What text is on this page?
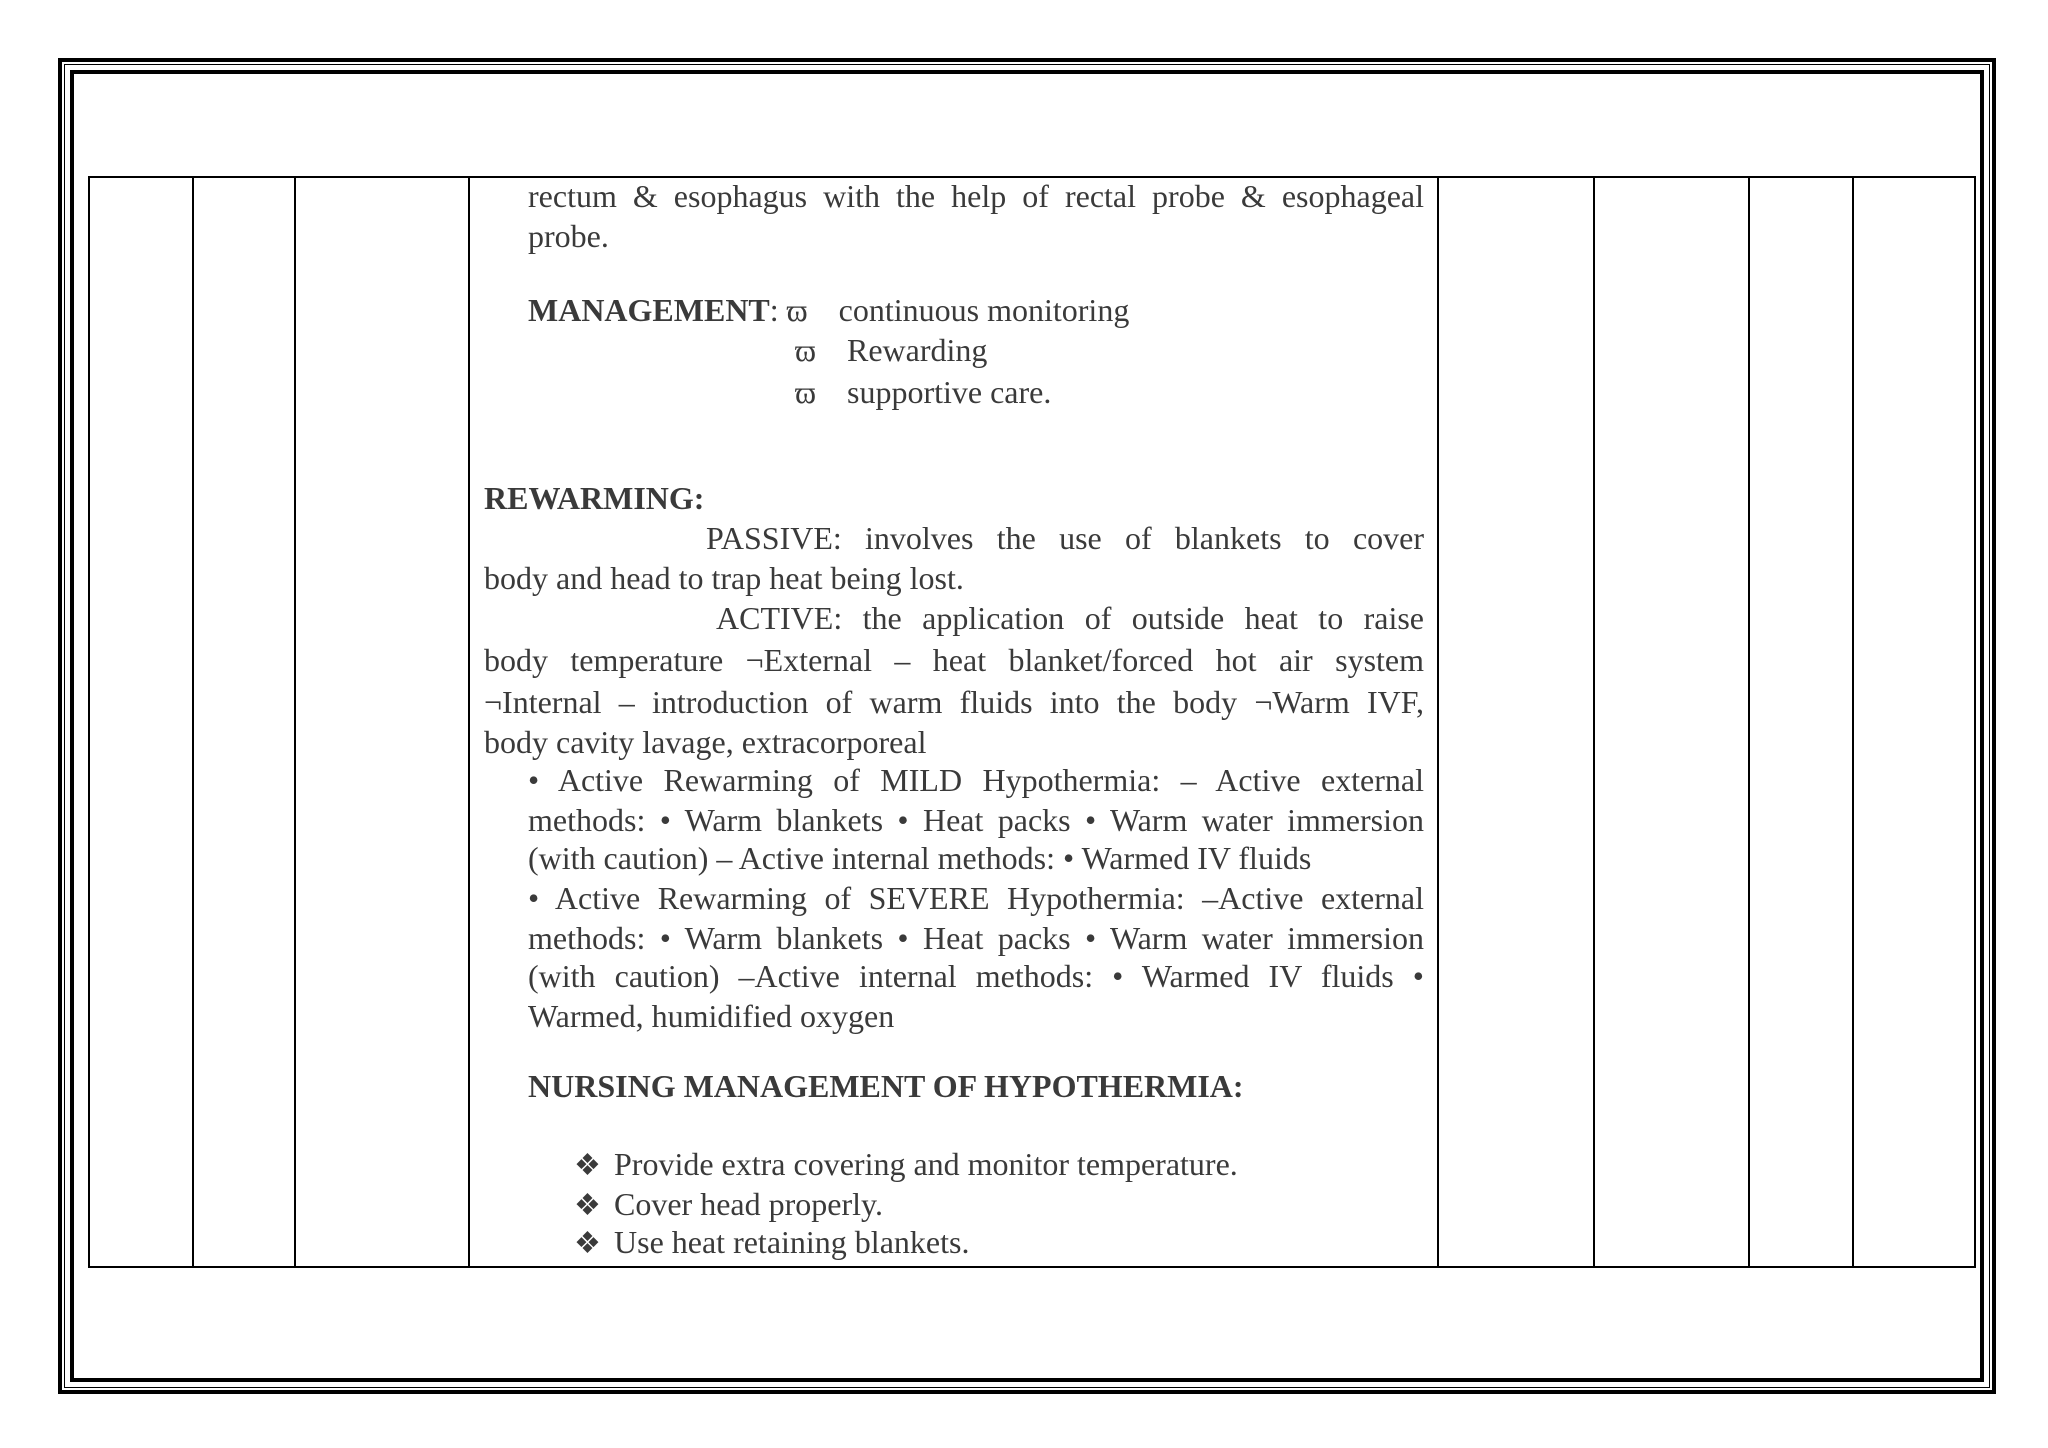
rectum & esophagus with the help of rectal probe & esophageal
probe.
MANAGEMENT: ϖ continuous monitoring
ϖ Rewarding
ϖ supportive care.
REWARMING:
PASSIVE: involves the use of blankets to cover
body and head to trap heat being lost.
ACTIVE: the application of outside heat to raise
body temperature ¬External – heat blanket/forced hot air system
¬Internal – introduction of warm fluids into the body ¬Warm IVF,
body cavity lavage, extracorporeal
• Active Rewarming of MILD Hypothermia: – Active external
methods: • Warm blankets • Heat packs • Warm water immersion
(with caution) – Active internal methods: • Warmed IV fluids
• Active Rewarming of SEVERE Hypothermia: –Active external
methods: • Warm blankets • Heat packs • Warm water immersion
(with caution) –Active internal methods: • Warmed IV fluids •
Warmed, humidified oxygen
NURSING MANAGEMENT OF HYPOTHERMIA:
❖ Provide extra covering and monitor temperature.
❖ Cover head properly.
❖ Use heat retaining blankets.
